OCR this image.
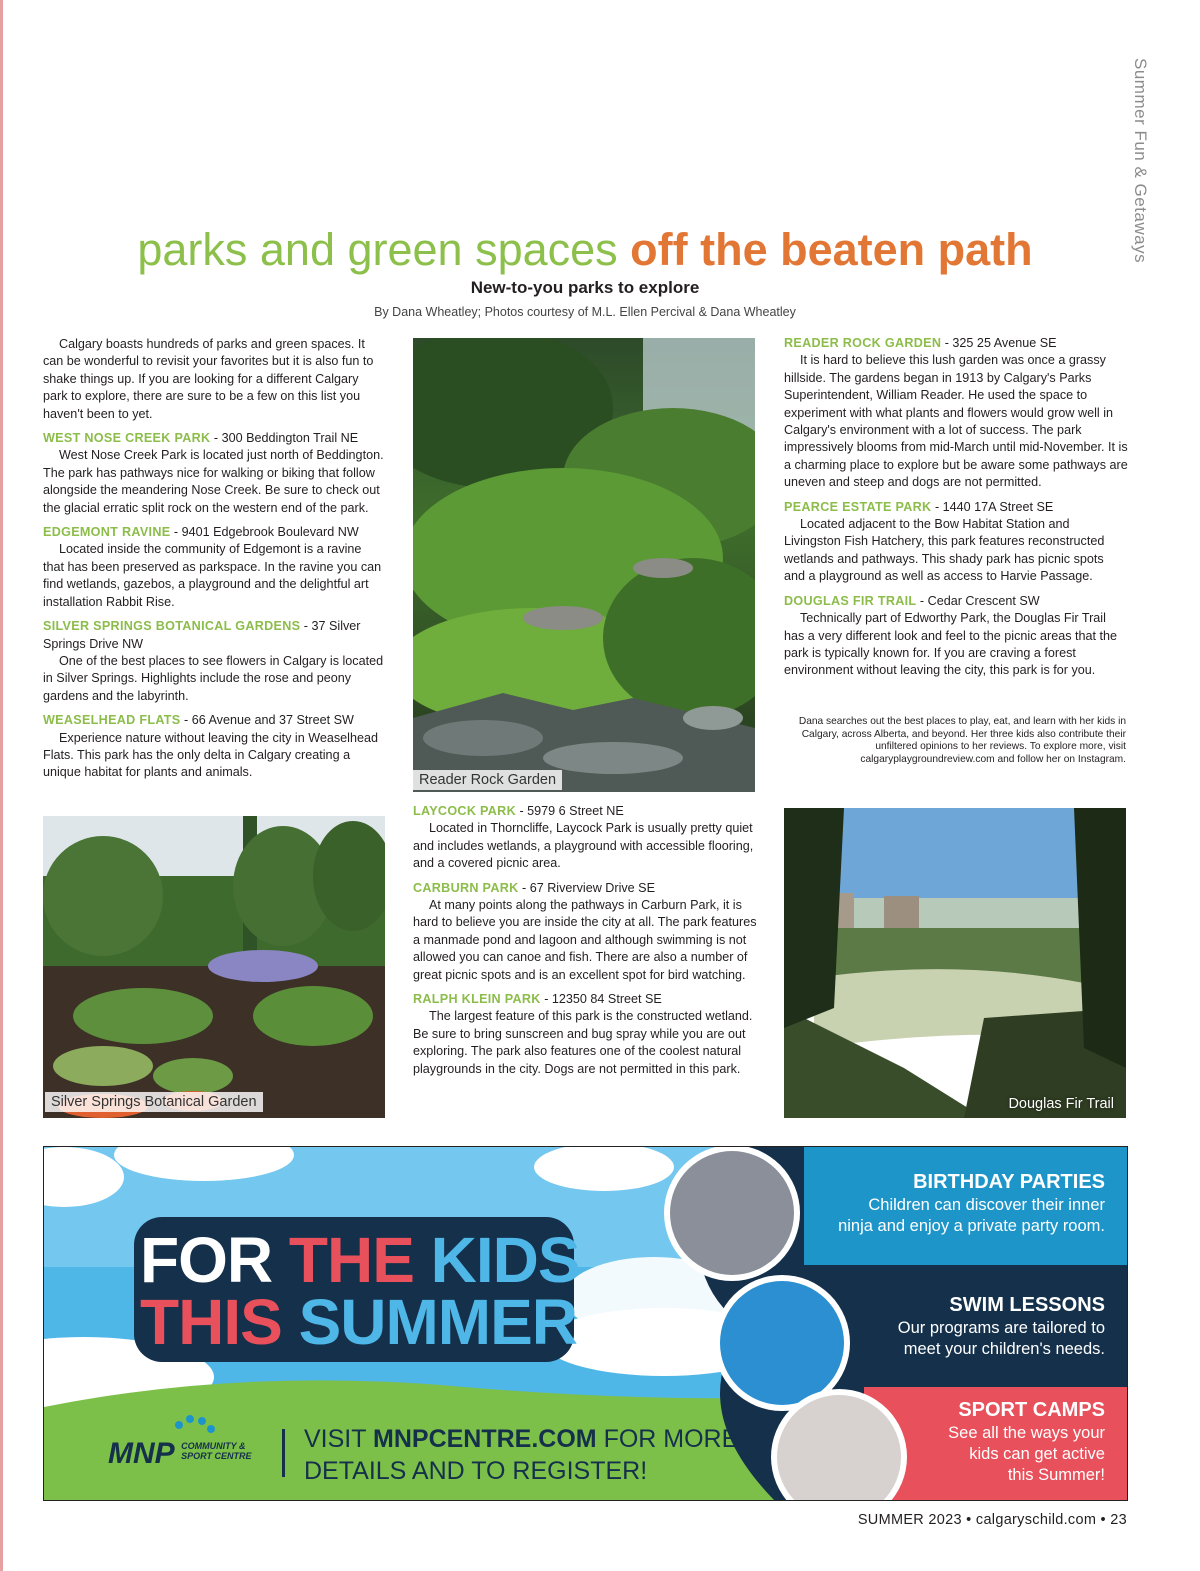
Summer Fun & Getaways
parks and green spaces off the beaten path
New-to-you parks to explore
By Dana Wheatley; Photos courtesy of M.L. Ellen Percival & Dana Wheatley

Calgary boasts hundreds of parks and green spaces. It can be wonderful to revisit your favorites but it is also fun to shake things up. If you are looking for a different Calgary park to explore, there are sure to be a few on this list you haven't been to yet.

WEST NOSE CREEK PARK - 300 Beddington Trail NE

West Nose Creek Park is located just north of Beddington. The park has pathways nice for walking or biking that follow alongside the meandering Nose Creek. Be sure to check out the glacial erratic split rock on the western end of the park.

EDGEMONT RAVINE - 9401 Edgebrook Boulevard NW

Located inside the community of Edgemont is a ravine that has been preserved as parkspace. In the ravine you can find wetlands, gazebos, a playground and the delightful art installation Rabbit Rise.

SILVER SPRINGS BOTANICAL GARDENS - 37 Silver Springs Drive NW

One of the best places to see flowers in Calgary is located in Silver Springs. Highlights include the rose and peony gardens and the labyrinth.

WEASELHEAD FLATS - 66 Avenue and 37 Street SW

Experience nature without leaving the city in Weaselhead Flats. This park has the only delta in Calgary creating a unique habitat for plants and animals.

LAYCOCK PARK - 5979 6 Street NE

Located in Thorncliffe, Laycock Park is usually pretty quiet and includes wetlands, a playground with accessible flooring, and a covered picnic area.

CARBURN PARK - 67 Riverview Drive SE

At many points along the pathways in Carburn Park, it is hard to believe you are inside the city at all. The park features a manmade pond and lagoon and although swimming is not allowed you can canoe and fish. There are also a number of great picnic spots and is an excellent spot for bird watching.

RALPH KLEIN PARK - 12350 84 Street SE

The largest feature of this park is the constructed wetland. Be sure to bring sunscreen and bug spray while you are out exploring. The park also features one of the coolest natural playgrounds in the city. Dogs are not permitted in this park.

READER ROCK GARDEN - 325 25 Avenue SE

It is hard to believe this lush garden was once a grassy hillside. The gardens began in 1913 by Calgary's Parks Superintendent, William Reader. He used the space to experiment with what plants and flowers would grow well in Calgary's environment with a lot of success. The park impressively blooms from mid-March until mid-November. It is a charming place to explore but be aware some pathways are uneven and steep and dogs are not permitted.

PEARCE ESTATE PARK - 1440 17A Street SE

Located adjacent to the Bow Habitat Station and Livingston Fish Hatchery, this park features reconstructed wetlands and pathways. This shady park has picnic spots and a playground as well as access to Harvie Passage.

DOUGLAS FIR TRAIL - Cedar Crescent SW

Technically part of Edworthy Park, the Douglas Fir Trail has a very different look and feel to the picnic areas that the park is typically known for. If you are craving a forest environment without leaving the city, this park is for you.

Dana searches out the best places to play, eat, and learn with her kids in Calgary, across Alberta, and beyond. Her three kids also contribute their unfiltered opinions to her reviews. To explore more, visit calgaryplaygroundreview.com and follow her on Instagram.
Reader Rock Garden
Silver Springs Botanical Garden	Douglas Fir Trail
FOR THE KIDS
THIS SUMMER
BIRTHDAY PARTIES

Children can discover their inner

ninja and enjoy a private party room.

SWIM LESSONS

Our programs are tailored to

meet your children's needs.

SPORT CAMPS

See all the ways your

kids can get active

this Summer!

MNP COMMUNITY &
SPORT CENTRE
VISIT MNPCENTRE.COM FOR MORE
DETAILS AND TO REGISTER!
SUMMER 2023 • calgaryschild.com • 23
